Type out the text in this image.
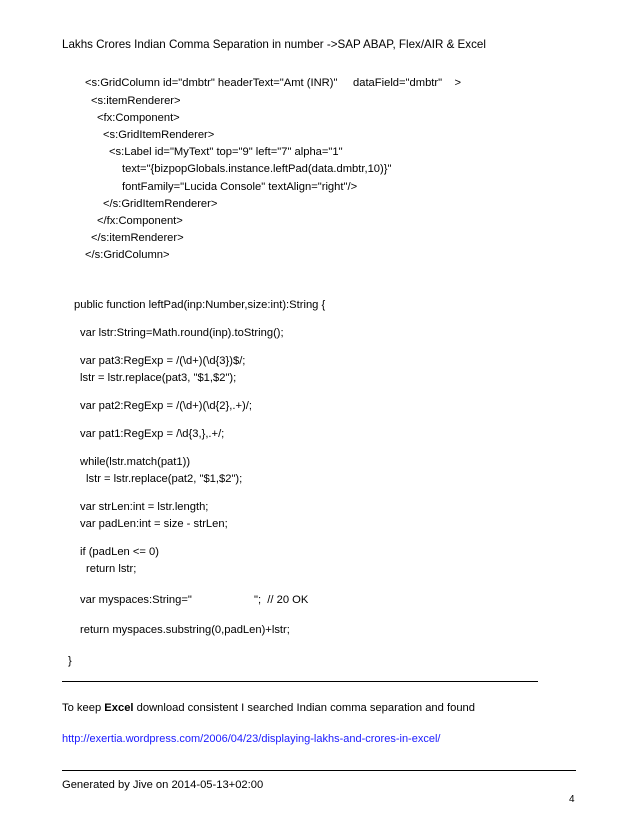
Lakhs Crores Indian Comma Separation in number ->SAP ABAP, Flex/AIR & Excel
<s:GridColumn id="dmbtr" headerText="Amt (INR)"     dataField="dmbtr"    >
<s:itemRenderer>
<fx:Component>
<s:GridItemRenderer>
<s:Label id="MyText" top="9" left="7" alpha="1"
text="{bizpopGlobals.instance.leftPad(data.dmbtr,10)}"
fontFamily="Lucida Console" textAlign="right"/>
</s:GridItemRenderer>
</fx:Component>
</s:itemRenderer>
</s:GridColumn>
public function leftPad(inp:Number,size:int):String {
var lstr:String=Math.round(inp).toString();
var pat3:RegExp = /(\d+)(\d{3})$/;
lstr = lstr.replace(pat3, "$1,$2");
var pat2:RegExp = /(\d+)(\d{2},.+)/;
var pat1:RegExp = /\d{3,},.+/;
while(lstr.match(pat1))
lstr = lstr.replace(pat2, "$1,$2");
var strLen:int = lstr.length;
var padLen:int = size - strLen;
if (padLen <= 0)
return lstr;
var myspaces:String="                    ";  // 20 OK
return myspaces.substring(0,padLen)+lstr;
}
To keep Excel download consistent I searched Indian comma separation and found
http://exertia.wordpress.com/2006/04/23/displaying-lakhs-and-crores-in-excel/
Generated by Jive on 2014-05-13+02:00
4
